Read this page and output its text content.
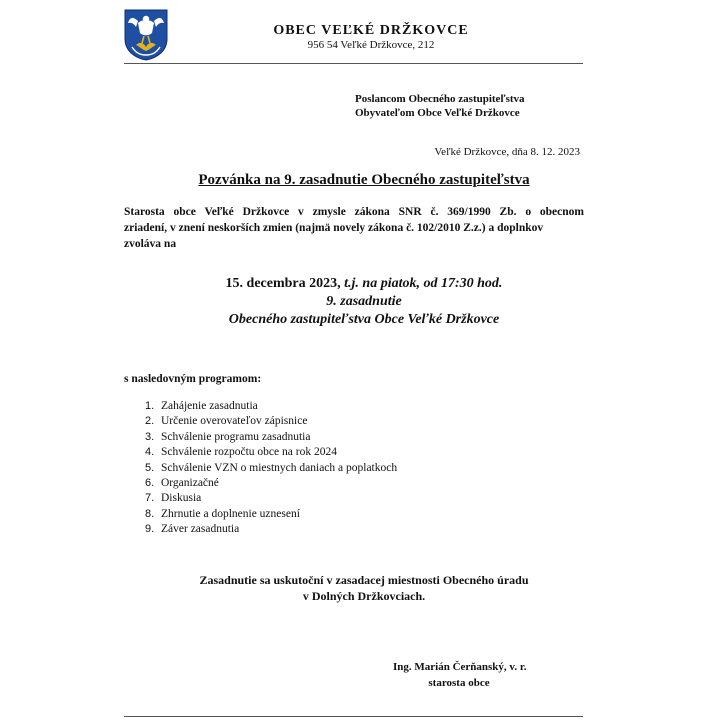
OBEC VEĽKÉ DRŽKOVCE
956 54 Veľké Držkovce, 212
Poslancom Obecného zastupiteľstva
Obyvateľom Obce Veľké Držkovce
Veľké Držkovce, dňa 8. 12. 2023
Pozvánka na 9. zasadnutie Obecného zastupiteľstva
Starosta obce Veľké Držkovce v zmysle zákona SNR č. 369/1990 Zb. o obecnom
zriadení, v znení neskorších zmien (najmä novely zákona č. 102/2010 Z.z.) a doplnkov
zvoláva na
15. decembra 2023, t.j. na piatok, od 17:30 hod.
9. zasadnutie
Obecného zastupiteľstva Obce Veľké Držkovce
s nasledovným programom:
1. Zahájenie zasadnutia
2. Určenie overovateľov zápisnice
3. Schválenie programu zasadnutia
4. Schválenie rozpočtu obce na rok 2024
5. Schválenie VZN o miestnych daniach a poplatkoch
6. Organizačné
7. Diskusia
8. Zhrnutie a doplnenie uznesení
9. Záver zasadnutia
Zasadnutie sa uskutoční v zasadacej miestnosti Obecného úradu
v Dolných Držkovciach.
Ing. Marián Čerňanský, v. r.
starosta obce
